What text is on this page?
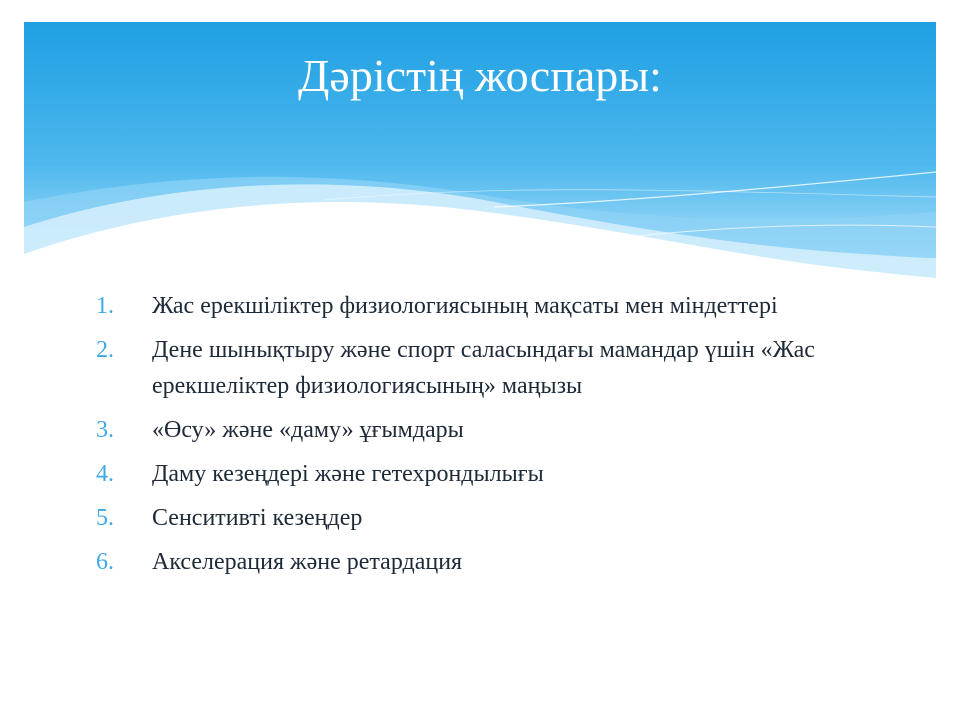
Дәрістің жоспары:
1.	Жас ерекшіліктер физиологиясының мақсаты мен міндеттері
2.	Дене шынықтыру және спорт саласындағы мамандар үшін «Жас ерекшеліктер физиологиясының» маңызы
3.	«Өсу» және «даму» ұғымдары
4.	Даму кезеңдері және гетехрондылығы
5.	Сенситивті кезеңдер
6.	Акселерация және ретардация
